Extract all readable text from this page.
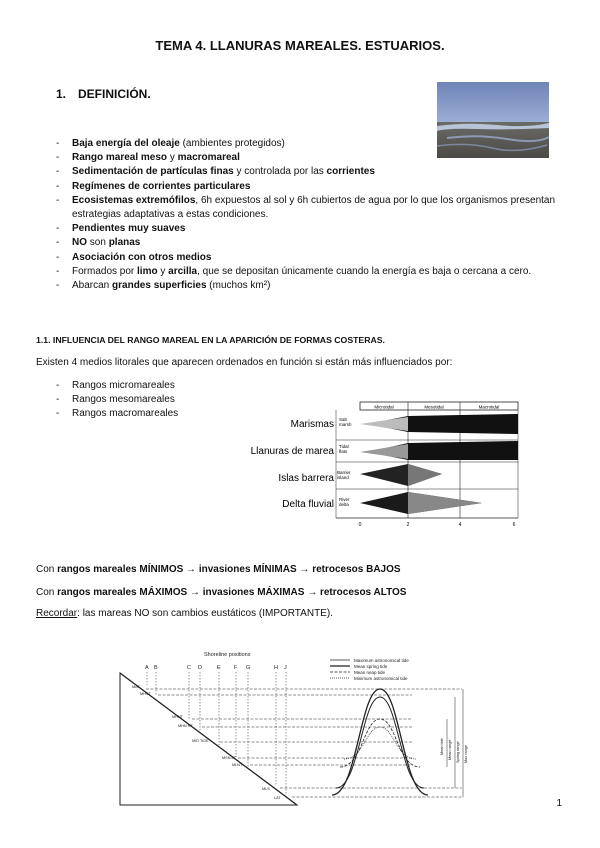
TEMA 4. LLANURAS MAREALES. ESTUARIOS.
1. DEFINICIÓN.
- Baja energía del oleaje (ambientes protegidos)
- Rango mareal meso y macromareal
- Sedimentación de partículas finas y controlada por las corrientes
- Regímenes de corrientes particulares
- Ecosistemas extremófilos, 6h expuestos al sol y 6h cubiertos de agua por lo que los organismos presentan estrategias adaptativas a estas condiciones.
- Pendientes muy suaves
- NO son planas
- Asociación con otros medios
- Formados por limo y arcilla, que se depositan únicamente cuando la energía es baja o cercana a cero.
- Abarcan grandes superficies (muchos km²)
1.1. INFLUENCIA DEL RANGO MAREAL EN LA APARICIÓN DE FORMAS COSTERAS.
Existen 4 medios litorales que aparecen ordenados en función si están más influenciados por:
- Rangos micromareales
- Rangos mesomareales
- Rangos macromareales
Microtidal	Mesotidal	Macrotidal
Marismas
Llanuras de marea
Islas barrera
Delta fluvial
Salt
marsh
Tidal
flats
Barrier
island
River
delta
0	2	4	6
Con rangos mareales MÍNIMOS → invasiones MÍNIMAS → retrocesos BAJOS
Con rangos mareales MÁXIMOS → invasiones MÁXIMAS → retrocesos ALTOS
Recordar: las mareas NO son cambios eustáticos (IMPORTANTE).
Shoreline positions
A B	C D	E F G	H J
MAT
MHST
MHNT
MHN HT
MID TIDE
MSN LT
MLNT
MLS
LAT
Maximum astronomical tide
Mean spring tide
Mean neap tide
Minimum astronomical tide
Mean tide Mean range Spring range Max range
1
